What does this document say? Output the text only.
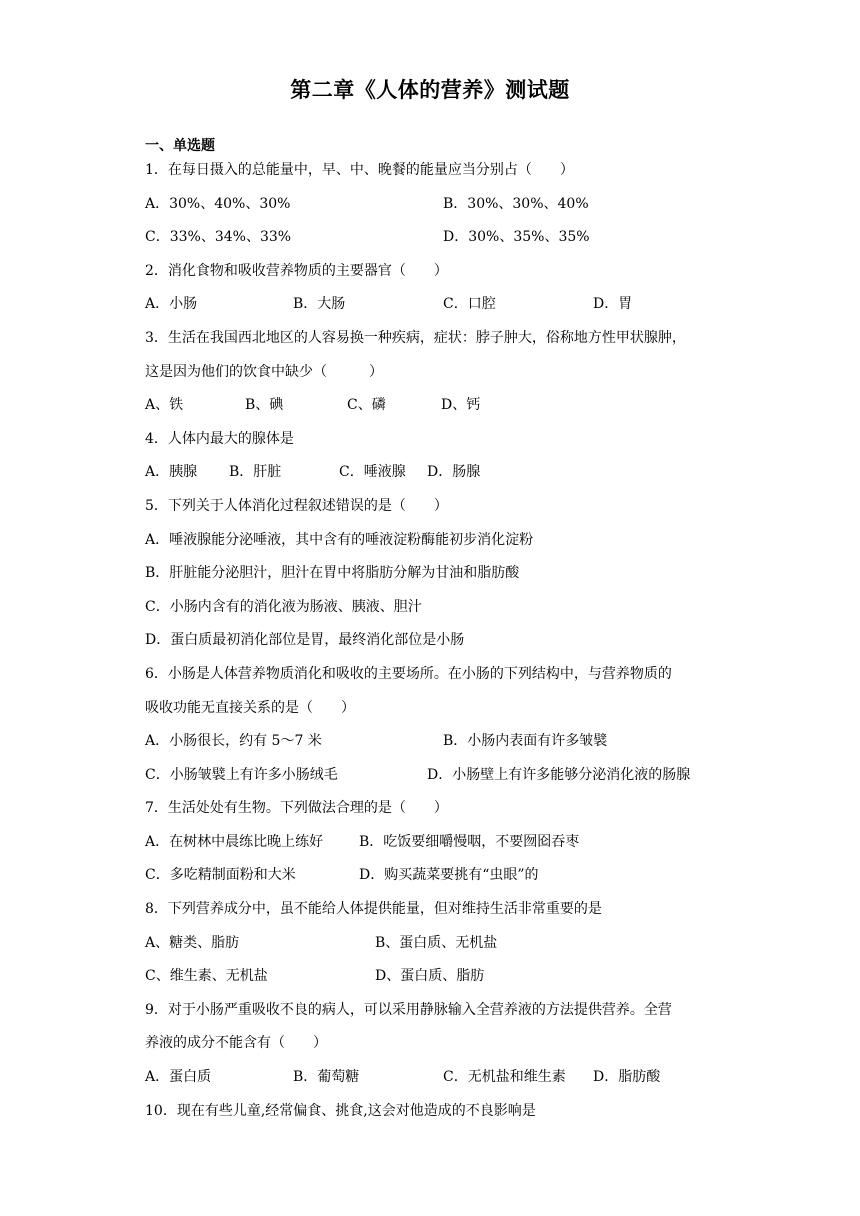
第二章《人体的营养》测试题
一、单选题
1．在每日摄入的总能量中，早、中、晚餐的能量应当分别占（　　）
A．30%、40%、30%	B．30%、30%、40%
C．33%、34%、33%	D．30%、35%、35%
2．消化食物和吸收营养物质的主要器官（　　）
A．小肠	B．大肠	C．口腔	D．胃
3．生活在我国西北地区的人容易换一种疾病，症状：脖子肿大，俗称地方性甲状腺肿，
这是因为他们的饮食中缺少（　　　）
A、铁	B、碘	C、磷	D、钙
4．人体内最大的腺体是
A．胰腺 B．肝脏	C．唾液腺 D．肠腺
5．下列关于人体消化过程叙述错误的是（　　）
A．唾液腺能分泌唾液，其中含有的唾液淀粉酶能初步消化淀粉
B．肝脏能分泌胆汁，胆汁在胃中将脂肪分解为甘油和脂肪酸
C．小肠内含有的消化液为肠液、胰液、胆汁
D．蛋白质最初消化部位是胃，最终消化部位是小肠
6．小肠是人体营养物质消化和吸收的主要场所。在小肠的下列结构中，与营养物质的
吸收功能无直接关系的是（　　）
A．小肠很长，约有 5～7 米	B．小肠内表面有许多皱襞
C．小肠皱襞上有许多小肠绒毛	D．小肠壁上有许多能够分泌消化液的肠腺
7．生活处处有生物。下列做法合理的是（　　）
A．在树林中晨练比晚上练好	B．吃饭要细嚼慢咽，不要囫囵吞枣
C．多吃精制面粉和大米	D．购买蔬菜要挑有“虫眼”的
8．下列营养成分中，虽不能给人体提供能量，但对维持生活非常重要的是
A、糖类、脂肪	B、蛋白质、无机盐
C、维生素、无机盐	D、蛋白质、脂肪
9．对于小肠严重吸收不良的病人，可以采用静脉输入全营养液的方法提供营养。全营
养液的成分不能含有（　　）
A．蛋白质	B．葡萄糖	C．无机盐和维生素 D．脂肪酸
10．现在有些儿童,经常偏食、挑食,这会对他造成的不良影响是
